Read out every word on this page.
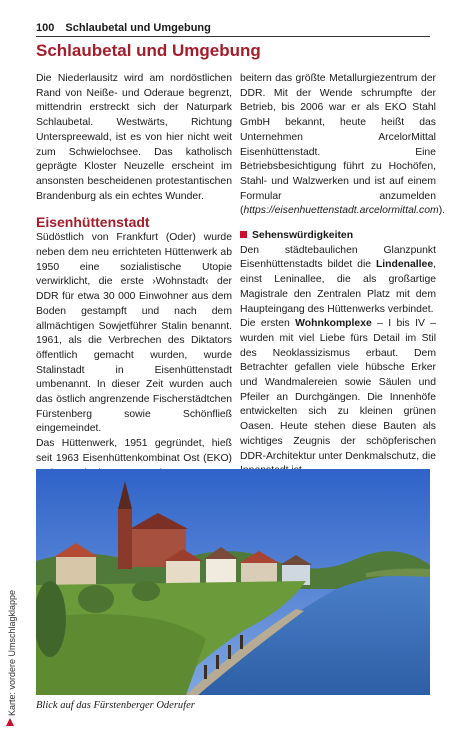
100 Schlaubetal und Umgebung
Schlaubetal und Umgebung

Die Niederlausitz wird am nordöstlichen Rand von Neiße- und Oderaue begrenzt, mittendrin erstreckt sich der Naturpark Schlaubetal. Westwärts, Richtung Unterspreewald, ist es von hier nicht weit zum Schwielochsee. Das katholisch geprägte Kloster Neuzelle erscheint im ansonsten bescheidenen protestantischen Brandenburg als ein echtes Wunder.

Eisenhüttenstadt

Südöstlich von Frankfurt (Oder) wurde neben dem neu errichteten Hüttenwerk ab 1950 eine sozialistische Utopie verwirklicht, die erste ›Wohnstadt‹ der DDR für etwa 30 000 Einwohner aus dem Boden gestampft und nach dem allmächtigen Sowjetführer Stalin benannt. 1961, als die Verbrechen des Diktators öffentlich gemacht wurden, wurde Stalinstadt in Eisenhüttenstadt umbenannt. In dieser Zeit wurden auch das östlich angrenzende Fischerstädtchen Fürstenberg sowie Schönfließ eingemeindet.

Das Hüttenwerk, 1951 gegründet, hieß seit 1963 Eisenhüttenkombinat Ost (EKO)

beitern das größte Metallurgiezentrum der DDR. Mit der Wende schrumpfte der Betrieb, bis 2006 war er als EKO Stahl GmbH bekannt, heute heißt das Unternehmen ArcelorMittal Eisenhüttenstadt. Eine Betriebsbesichtigung führt zu Hochöfen, Stahl- und Walzwerken und ist auf einem Formular anzumelden (https://eisenhuettenstadt.arcelormittal.com).

Sehenswürdigkeiten

Den städtebaulichen Glanzpunkt Eisenhüttenstadts bildet die Lindenallee, einst Leninallee, die als großartige Magistrale den Zentralen Platz mit dem Haupteingang des Hüttenwerks verbindet.

Die ersten Wohnkomplexe – I bis IV – wurden mit viel Liebe fürs Detail im Stil des Neoklassizismus erbaut. Dem Betrachter gefallen viele hübsche Erker und Wandmalereien sowie Säulen und Pfeiler an Durchgängen. Die Innenhöfe entwickelten sich zu kleinen grünen Oasen. Heute stehen diese Bauten als wichtiges Zeugnis der schöpferischen DDR-Architektur unter Denkmalschutz, die

Blick auf das Fürstenberger Oderufer
Karte: vordere Umschlagklappe
